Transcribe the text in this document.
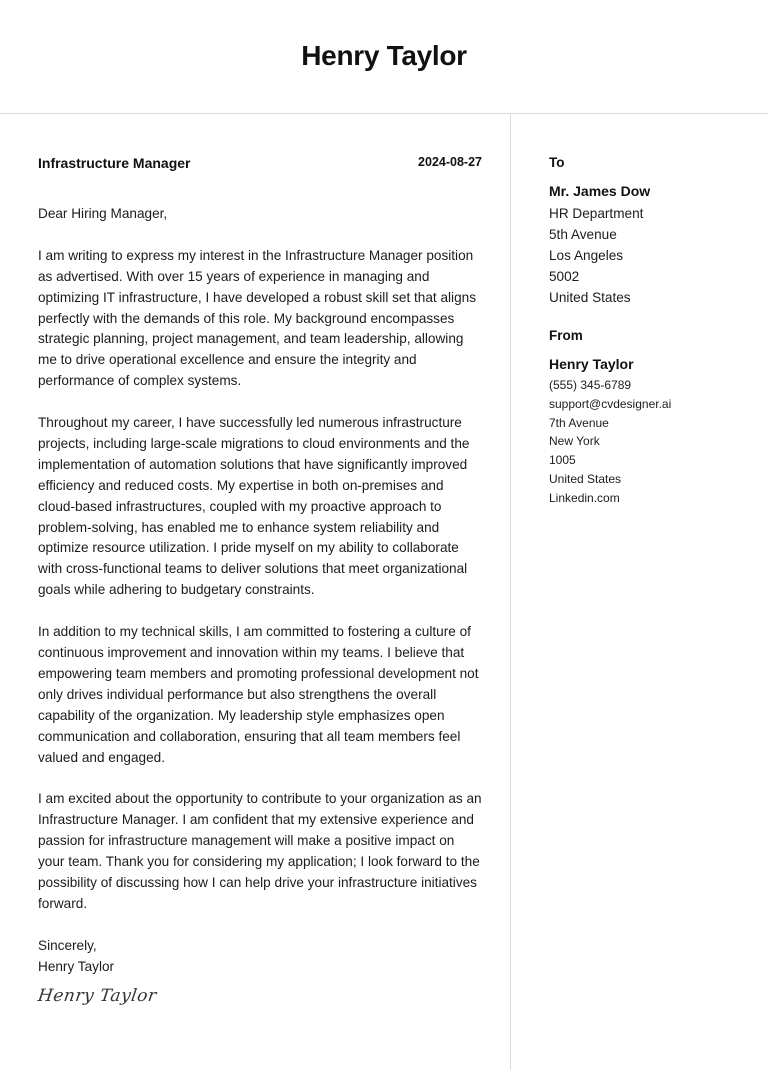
Henry Taylor
Infrastructure Manager	2024-08-27

Dear Hiring Manager,

I am writing to express my interest in the Infrastructure Manager position as advertised. With over 15 years of experience in managing and optimizing IT infrastructure, I have developed a robust skill set that aligns perfectly with the demands of this role. My background encompasses strategic planning, project management, and team leadership, allowing me to drive operational excellence and ensure the integrity and performance of complex systems.

Throughout my career, I have successfully led numerous infrastructure projects, including large-scale migrations to cloud environments and the implementation of automation solutions that have significantly improved efficiency and reduced costs. My expertise in both on-premises and cloud-based infrastructures, coupled with my proactive approach to problem-solving, has enabled me to enhance system reliability and optimize resource utilization. I pride myself on my ability to collaborate with cross-functional teams to deliver solutions that meet organizational goals while adhering to budgetary constraints.

In addition to my technical skills, I am committed to fostering a culture of continuous improvement and innovation within my teams. I believe that empowering team members and promoting professional development not only drives individual performance but also strengthens the overall capability of the organization. My leadership style emphasizes open communication and collaboration, ensuring that all team members feel valued and engaged.

I am excited about the opportunity to contribute to your organization as an Infrastructure Manager. I am confident that my extensive experience and passion for infrastructure management will make a positive impact on your team. Thank you for considering my application; I look forward to the possibility of discussing how I can help drive your infrastructure initiatives forward.

Sincerely,

Henry Taylor

Henry Taylor
To
Mr. James Dow
HR Department
5th Avenue
Los Angeles
5002
United States
From
Henry Taylor
(555) 345-6789
support@cvdesigner.ai
7th Avenue
New York
1005
United States
Linkedin.com
